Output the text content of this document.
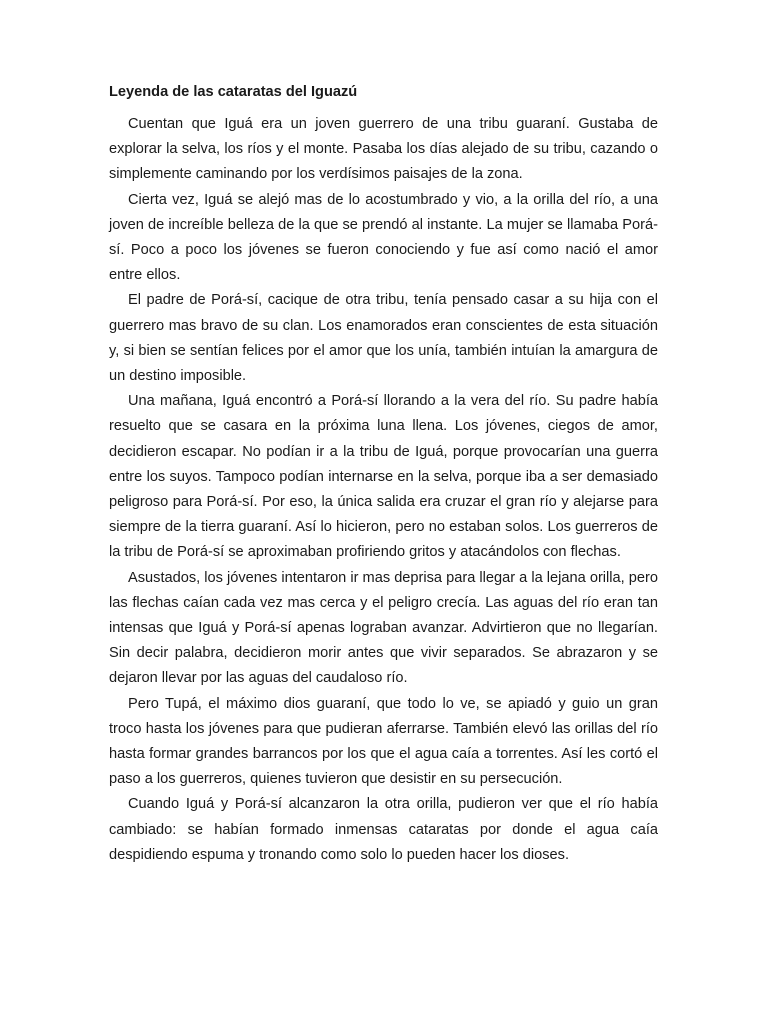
Leyenda de las cataratas del Iguazú

Cuentan que Iguá era un joven guerrero de una tribu guaraní. Gustaba de explorar la selva, los ríos y el monte. Pasaba los días alejado de su tribu, cazando o simplemente caminando por los verdísimos paisajes de la zona.

Cierta vez, Iguá se alejó mas de lo acostumbrado y vio, a la orilla del río, a una joven de increíble belleza de la que se prendó al instante. La mujer se llamaba Porá- sí. Poco a poco los jóvenes se fueron conociendo y fue así como nació el amor entre ellos.

El padre de Porá-sí, cacique de otra tribu, tenía pensado casar a su hija con el guerrero mas bravo de su clan. Los enamorados eran conscientes de esta situación y, si bien se sentían felices por el amor que los unía, también intuían la amargura de un destino imposible.

Una mañana, Iguá encontró a Porá-sí llorando a la vera del río. Su padre había resuelto que se casara en la próxima luna llena. Los jóvenes, ciegos de amor, decidieron escapar. No podían ir a la tribu de Iguá, porque provocarían una guerra entre los suyos. Tampoco podían internarse en la selva, porque iba a ser demasiado peligroso para Porá-sí. Por eso, la única salida era cruzar el gran río y alejarse para siempre de la tierra guaraní. Así lo hicieron, pero no estaban solos. Los guerreros de la tribu de Porá-sí se aproximaban profiriendo gritos y atacándolos con flechas.

Asustados, los jóvenes intentaron ir mas deprisa para llegar a la lejana orilla, pero las flechas caían cada vez mas cerca y el peligro crecía. Las aguas del río eran tan intensas que Iguá y Porá-sí apenas lograban avanzar. Advirtieron que no llegarían. Sin decir palabra, decidieron morir antes que vivir separados. Se abrazaron y se dejaron llevar por las aguas del caudaloso río.

Pero Tupá, el máximo dios guaraní, que todo lo ve, se apiadó y guio un gran troco hasta los jóvenes para que pudieran aferrarse. También elevó las orillas del río hasta formar grandes barrancos por los que el agua caía a torrentes. Así les cortó el paso a los guerreros, quienes tuvieron que desistir en su persecución.

Cuando Iguá y Porá-sí alcanzaron la otra orilla, pudieron ver que el río había cambiado: se habían formado inmensas cataratas por donde el agua caía despidiendo espuma y tronando como solo lo pueden hacer los dioses.
